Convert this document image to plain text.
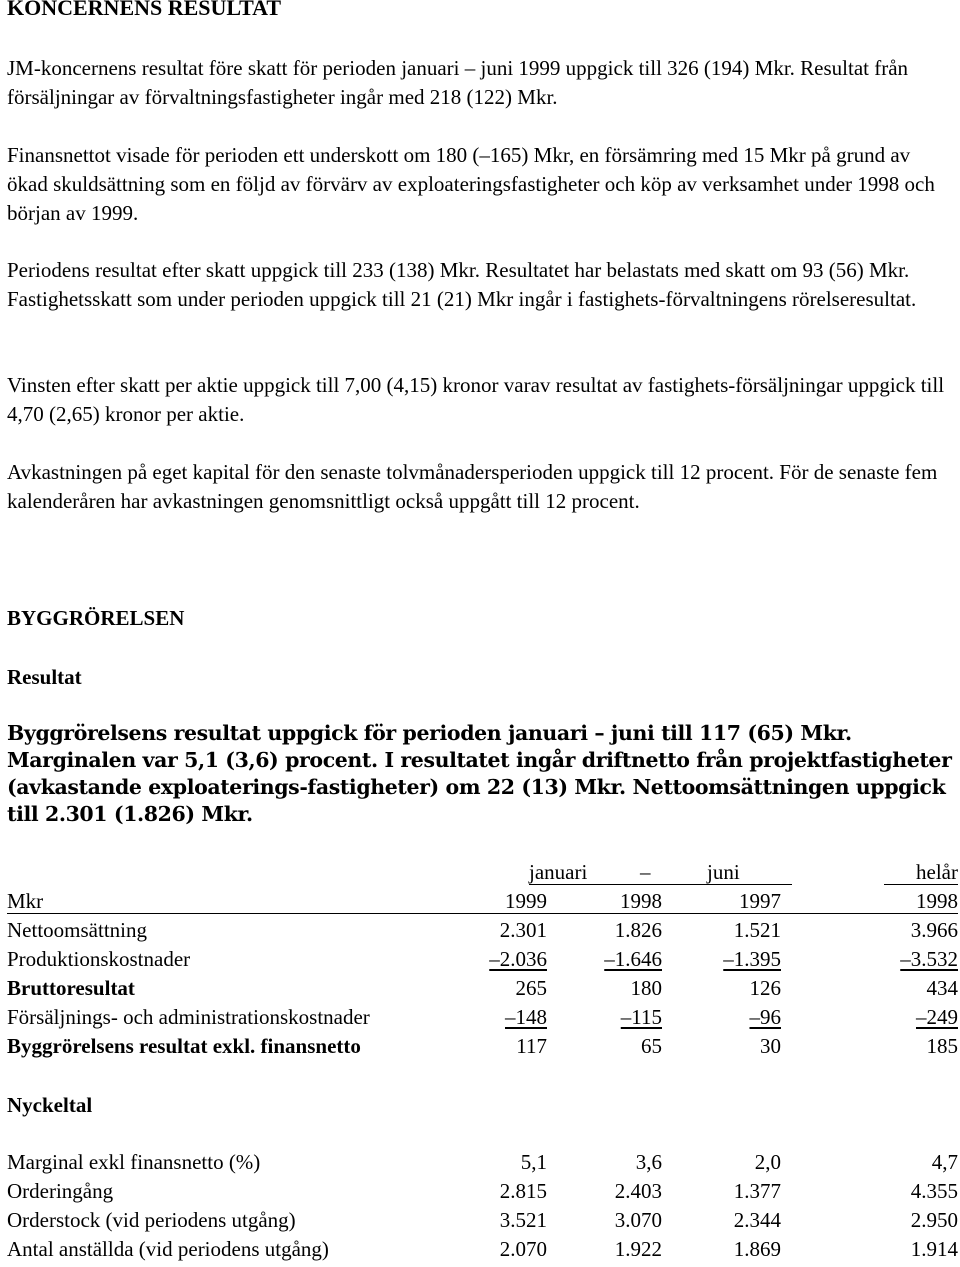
KONCERNENS RESULTAT

JM-koncernens resultat före skatt för perioden januari – juni 1999 uppgick till 326 (194) Mkr. Resultat från försäljningar av förvaltningsfastigheter ingår med 218 (122) Mkr.

Finansnettot visade för perioden ett underskott om 180 (–165) Mkr, en försämring med 15 Mkr på grund av ökad skuldsättning som en följd av förvärv av exploateringsfastigheter och köp av verksamhet under 1998 och början av 1999.

Periodens resultat efter skatt uppgick till 233 (138) Mkr. Resultatet har belastats med skatt om 93 (56) Mkr. Fastighetsskatt som under perioden uppgick till 21 (21) Mkr ingår i fastighets-förvaltningens rörelseresultat.

Vinsten efter skatt per aktie uppgick till 7,00 (4,15) kronor varav resultat av fastighets-försäljningar uppgick till 4,70 (2,65) kronor per aktie.

Avkastningen på eget kapital för den senaste tolvmånadersperioden uppgick till 12 procent. För de senaste fem kalenderåren har avkastningen genomsnittligt också uppgått till 12 procent.

BYGGRÖRELSEN
Resultat

Byggrörelsens resultat uppgick för perioden januari – juni till 117 (65) Mkr. Marginalen var 5,1 (3,6) procent. I resultatet ingår driftnetto från projektfastigheter (avkastande exploaterings-fastigheter) om 22 (13) Mkr. Nettoomsättningen uppgick till 2.301 (1.826) Mkr.

januari	–	juni	helår
Mkr	1999	1998	1997	1998
Nettoomsättning	2.301	1.826	1.521	3.966
Produktionskostnader	–2.036	–1.646	–1.395	–3.532
Bruttoresultat	265	180	126	434
Försäljnings- och administrationskostnader	–148	–115	–96	–249
Byggrörelsens resultat exkl. finansnetto	117	65	30	185
Nyckeltal
Marginal exkl finansnetto (%)	5,1	3,6	2,0	4,7
Orderingång	2.815	2.403	1.377	4.355
Orderstock (vid periodens utgång)	3.521	3.070	2.344	2.950
Antal anställda (vid periodens utgång)	2.070	1.922	1.869	1.914
